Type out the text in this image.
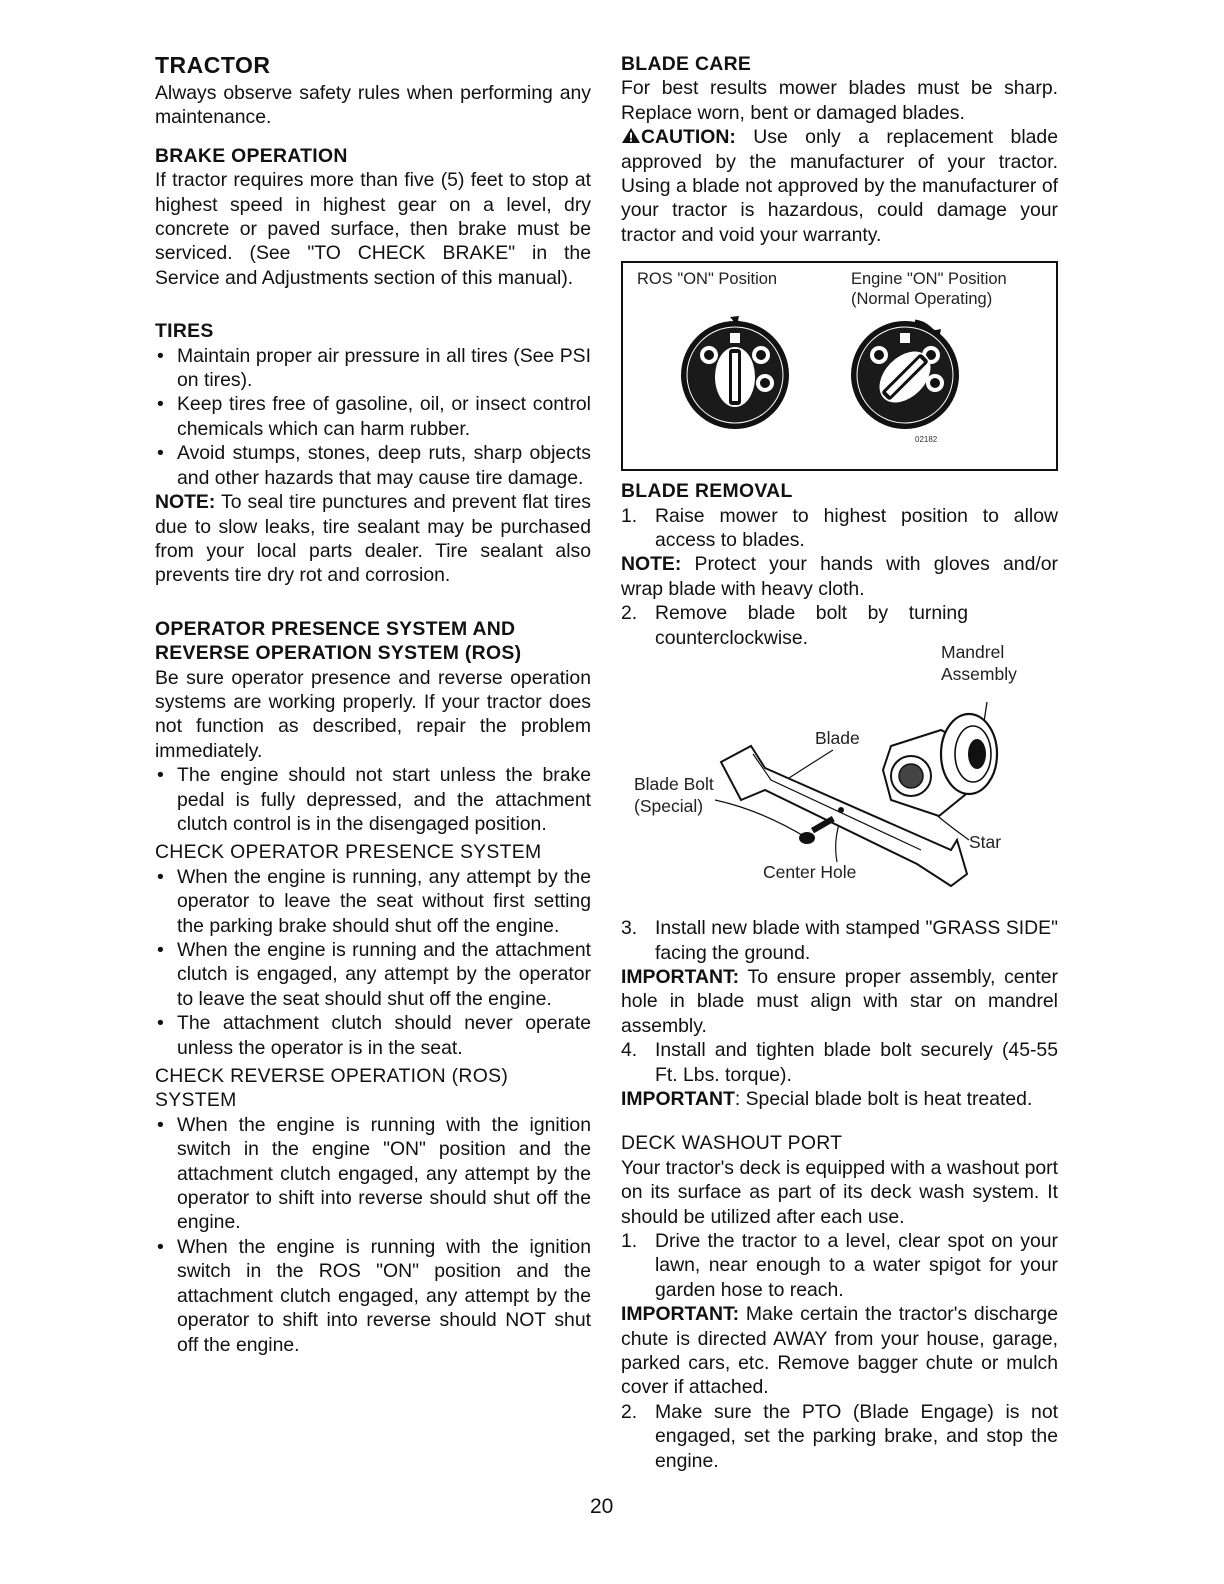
TRACTOR

Always observe safety rules when performing any maintenance.

BRAKE OPERATION

If tractor requires more than five (5) feet to stop at highest speed in highest gear on a level, dry concrete or paved surface, then brake must be serviced. (See "TO CHECK BRAKE" in the Service and Adjustments section of this manual).

TIRES
• Maintain proper air pressure in all tires (See PSI on tires).
• Keep tires free of gasoline, oil, or insect control chemicals which can harm rubber.
• Avoid stumps, stones, deep ruts, sharp objects and other hazards that may cause tire damage.

NOTE: To seal tire punctures and prevent flat tires due to slow leaks, tire sealant may be purchased from your local parts dealer. Tire sealant also prevents tire dry rot and corrosion.

OPERATOR PRESENCE SYSTEM AND REVERSE OPERATION SYSTEM (ROS)

Be sure operator presence and reverse operation systems are working properly. If your tractor does not function as described, repair the problem immediately.

• The engine should not start unless the brake pedal is fully depressed, and the attachment clutch control is in the disengaged position.

CHECK OPERATOR PRESENCE SYSTEM

• When the engine is running, any attempt by the operator to leave the seat without first setting the parking brake should shut off the engine.
• When the engine is running and the attachment clutch is engaged, any attempt by the operator to leave the seat should shut off the engine.
• The attachment clutch should never operate unless the operator is in the seat.

CHECK REVERSE OPERATION (ROS) SYSTEM

• When the engine is running with the ignition switch in the engine "ON" position and the attachment clutch engaged, any attempt by the operator to shift into reverse should shut off the engine.
• When the engine is running with the ignition switch in the ROS "ON" position and the attachment clutch engaged, any attempt by the operator to shift into reverse should NOT shut off the engine.
BLADE CARE

For best results mower blades must be sharp. Replace worn, bent or damaged blades.

CAUTION: Use only a replacement blade approved by the manufacturer of your tractor. Using a blade not approved by the manufacturer of your tractor is hazardous, could damage your tractor and void your warranty.

ROS "ON" Position	Engine "ON" Position
(Normal Operating)
02182
BLADE REMOVAL
1. Raise mower to highest position to allow access to blades.

NOTE: Protect your hands with gloves and/or wrap blade with heavy cloth.

2. Remove blade bolt by turning counterclockwise.
Mandrel
Assembly
Blade
Blade Bolt
(Special)
Star
Center Hole
3. Install new blade with stamped "GRASS SIDE" facing the ground.

IMPORTANT: To ensure proper assembly, center hole in blade must align with star on mandrel assembly.

4. Install and tighten blade bolt securely (45-55 Ft. Lbs. torque).

IMPORTANT: Special blade bolt is heat treated.

DECK WASHOUT PORT

Your tractor's deck is equipped with a washout port on its surface as part of its deck wash system. It should be utilized after each use.

1. Drive the tractor to a level, clear spot on your lawn, near enough to a water spigot for your garden hose to reach.

IMPORTANT: Make certain the tractor's discharge chute is directed AWAY from your house, garage, parked cars, etc. Remove bagger chute or mulch cover if attached.

2. Make sure the PTO (Blade Engage) is not engaged, set the parking brake, and stop the engine.
20
